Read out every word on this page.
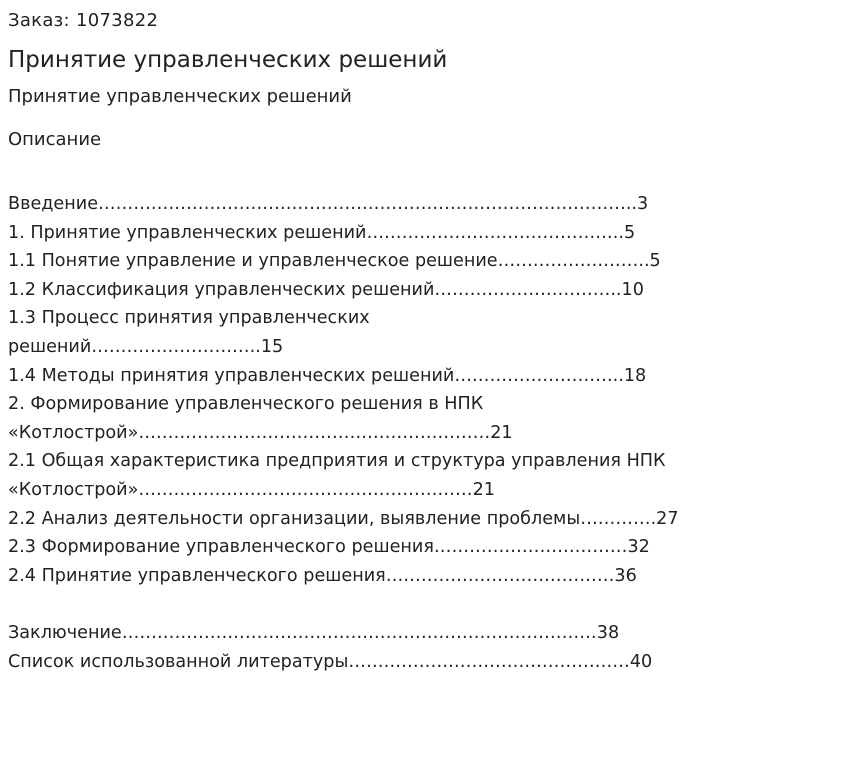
Заказ: 1073822

Принятие управленческих решений
Принятие управленческих решений
Описание
Введение………………………………………………………………………………..3
1. Принятие управленческих решений……………………………………..5
1.1 Понятие управление и управленческое решение……………………..5
1.2 Классификация управленческих решений…………………………..10
1.3 Процесс принятия управленческих
решений………………………..15
1.4 Методы принятия управленческих решений………………………..18
2. Формирование управленческого решения в НПК
«Котлострой»……………………………………………………21
2.1 Общая характеристика предприятия и структура управления НПК
«Котлострой»…………………………………………………21
2.2 Анализ деятельности организации, выявление проблемы………….27
2.3 Формирование управленческого решения……………………………32
2.4 Принятие управленческого решения…………………………………36
Заключение………………………………………………………………………38
Список использованной литературы…………………………………………40
